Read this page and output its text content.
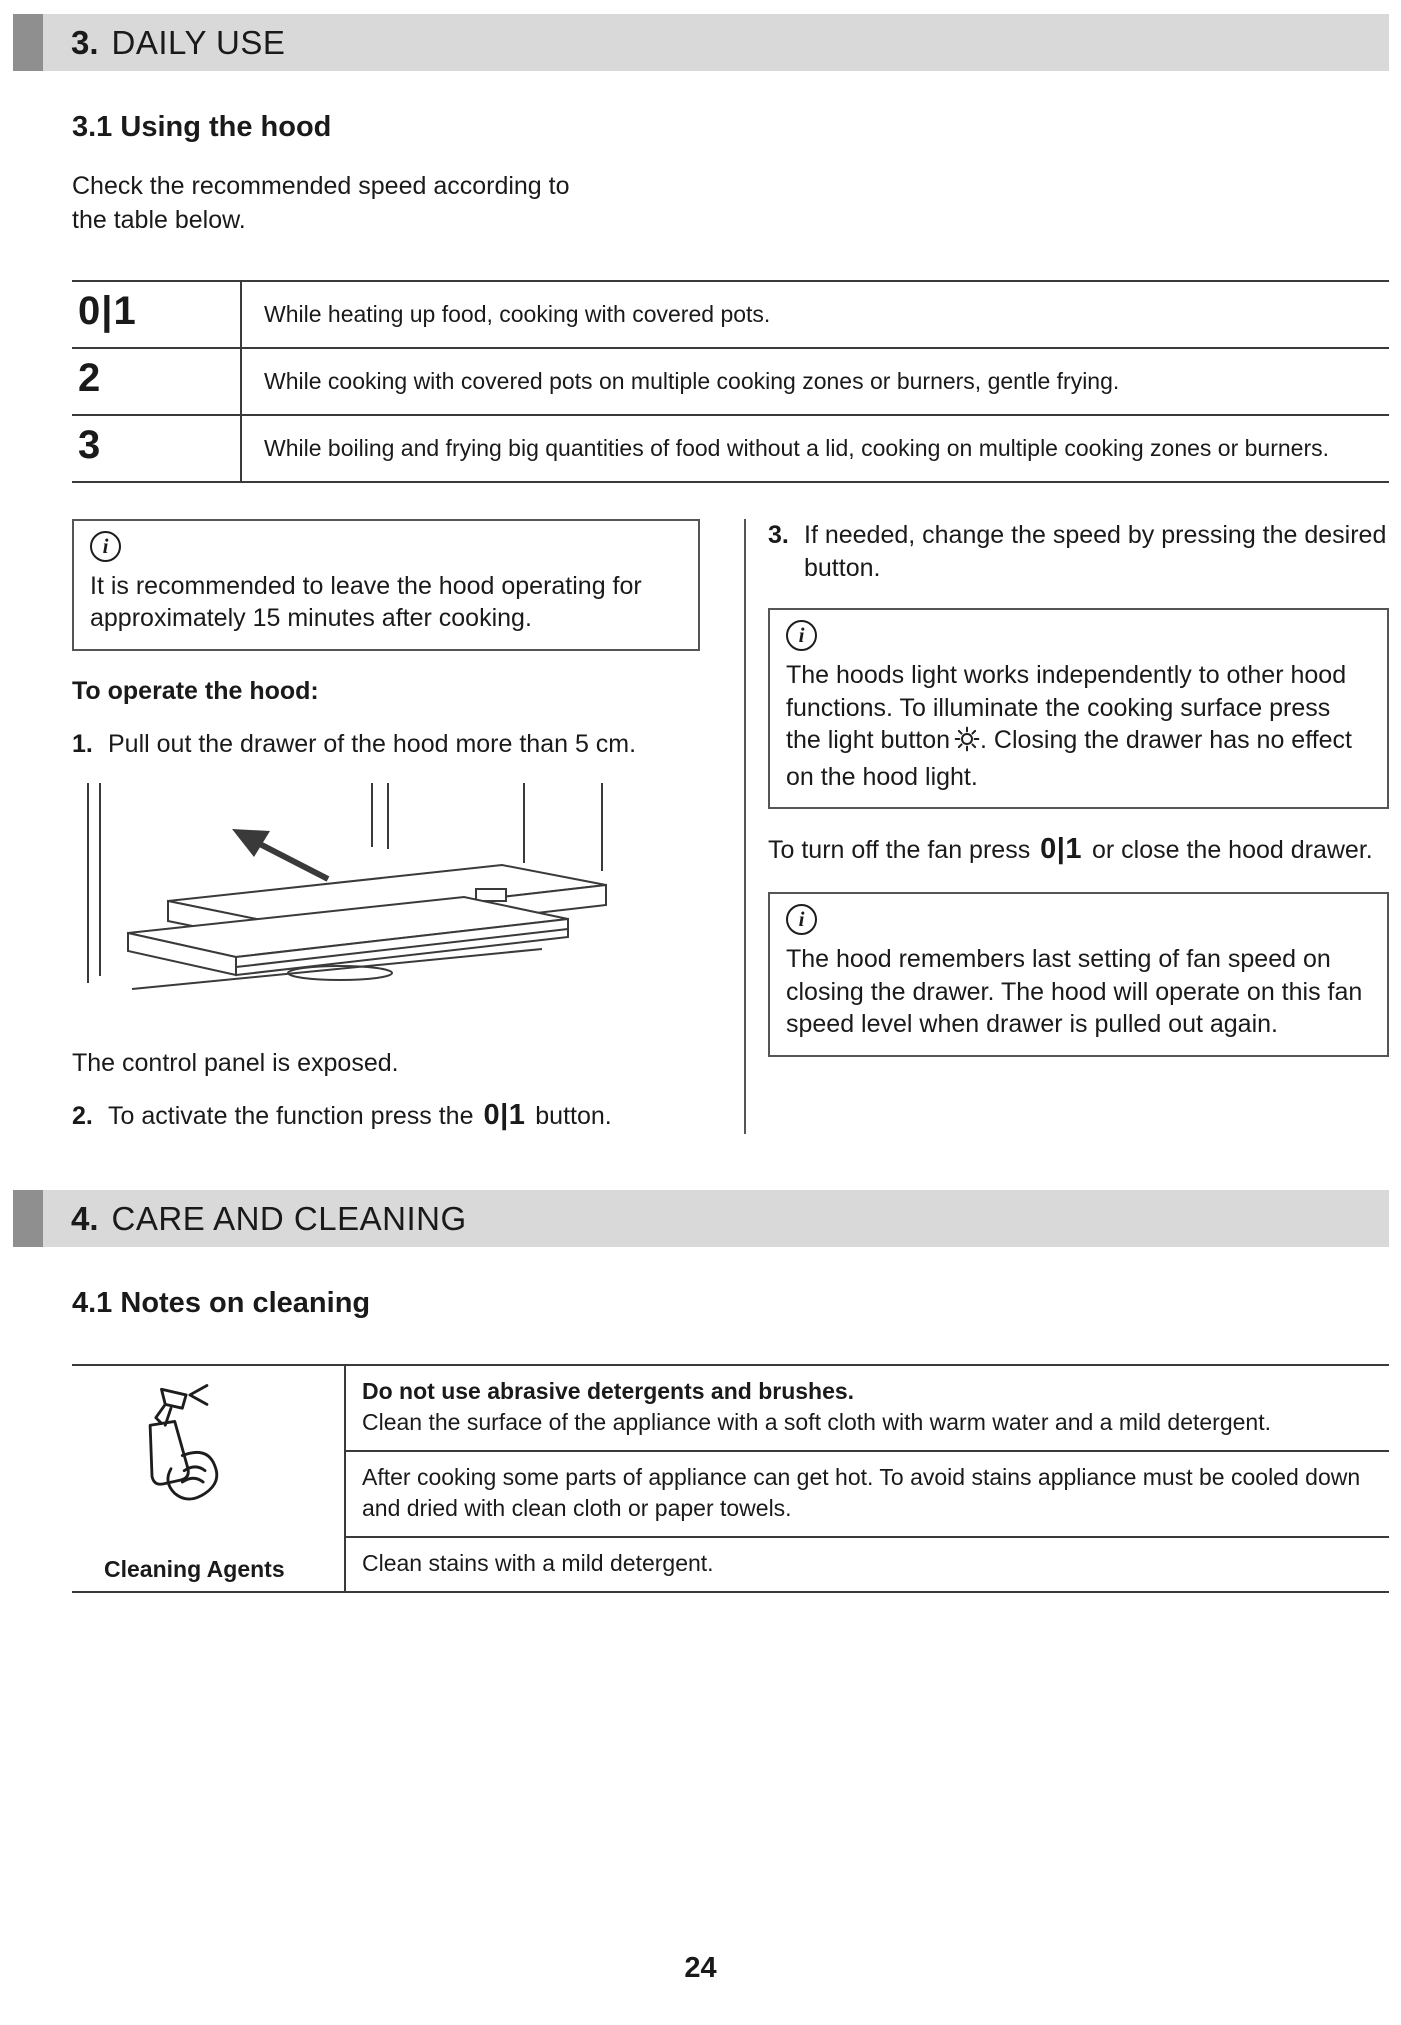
3. DAILY USE
3.1 Using the hood

Check the recommended speed according to
the table below.

0|1	While heating up food, cooking with covered pots.
2	While cooking with covered pots on multiple cooking zones or burners, gentle frying.
3	While boiling and frying big quantities of food without a lid, cooking on multiple cooking zones or burners.
i

It is recommended to leave the hood operating for approximately 15 minutes after cooking.

To operate the hood:

1. Pull out the drawer of the hood more than 5 cm.

The control panel is exposed.

2. To activate the function press the 0|1 button.
3. If needed, change the speed by pressing the desired button.
i

The hoods light works independently to other hood functions. To illuminate the cooking surface press the light button . Closing the drawer has no effect on the hood light.

To turn off the fan press 0|1 or close the hood drawer.

i

The hood remembers last setting of fan speed on closing the drawer. The hood will operate on this fan speed level when drawer is pulled out again.

4. CARE AND CLEANING
4.1 Notes on cleaning
Cleaning Agents

Do not use abrasive detergents and brushes.

Clean the surface of the appliance with a soft cloth with warm water and a mild detergent.

After cooking some parts of appliance can get hot. To avoid stains appliance must be cooled down and dried with clean cloth or paper towels.
Clean stains with a mild detergent.
24
